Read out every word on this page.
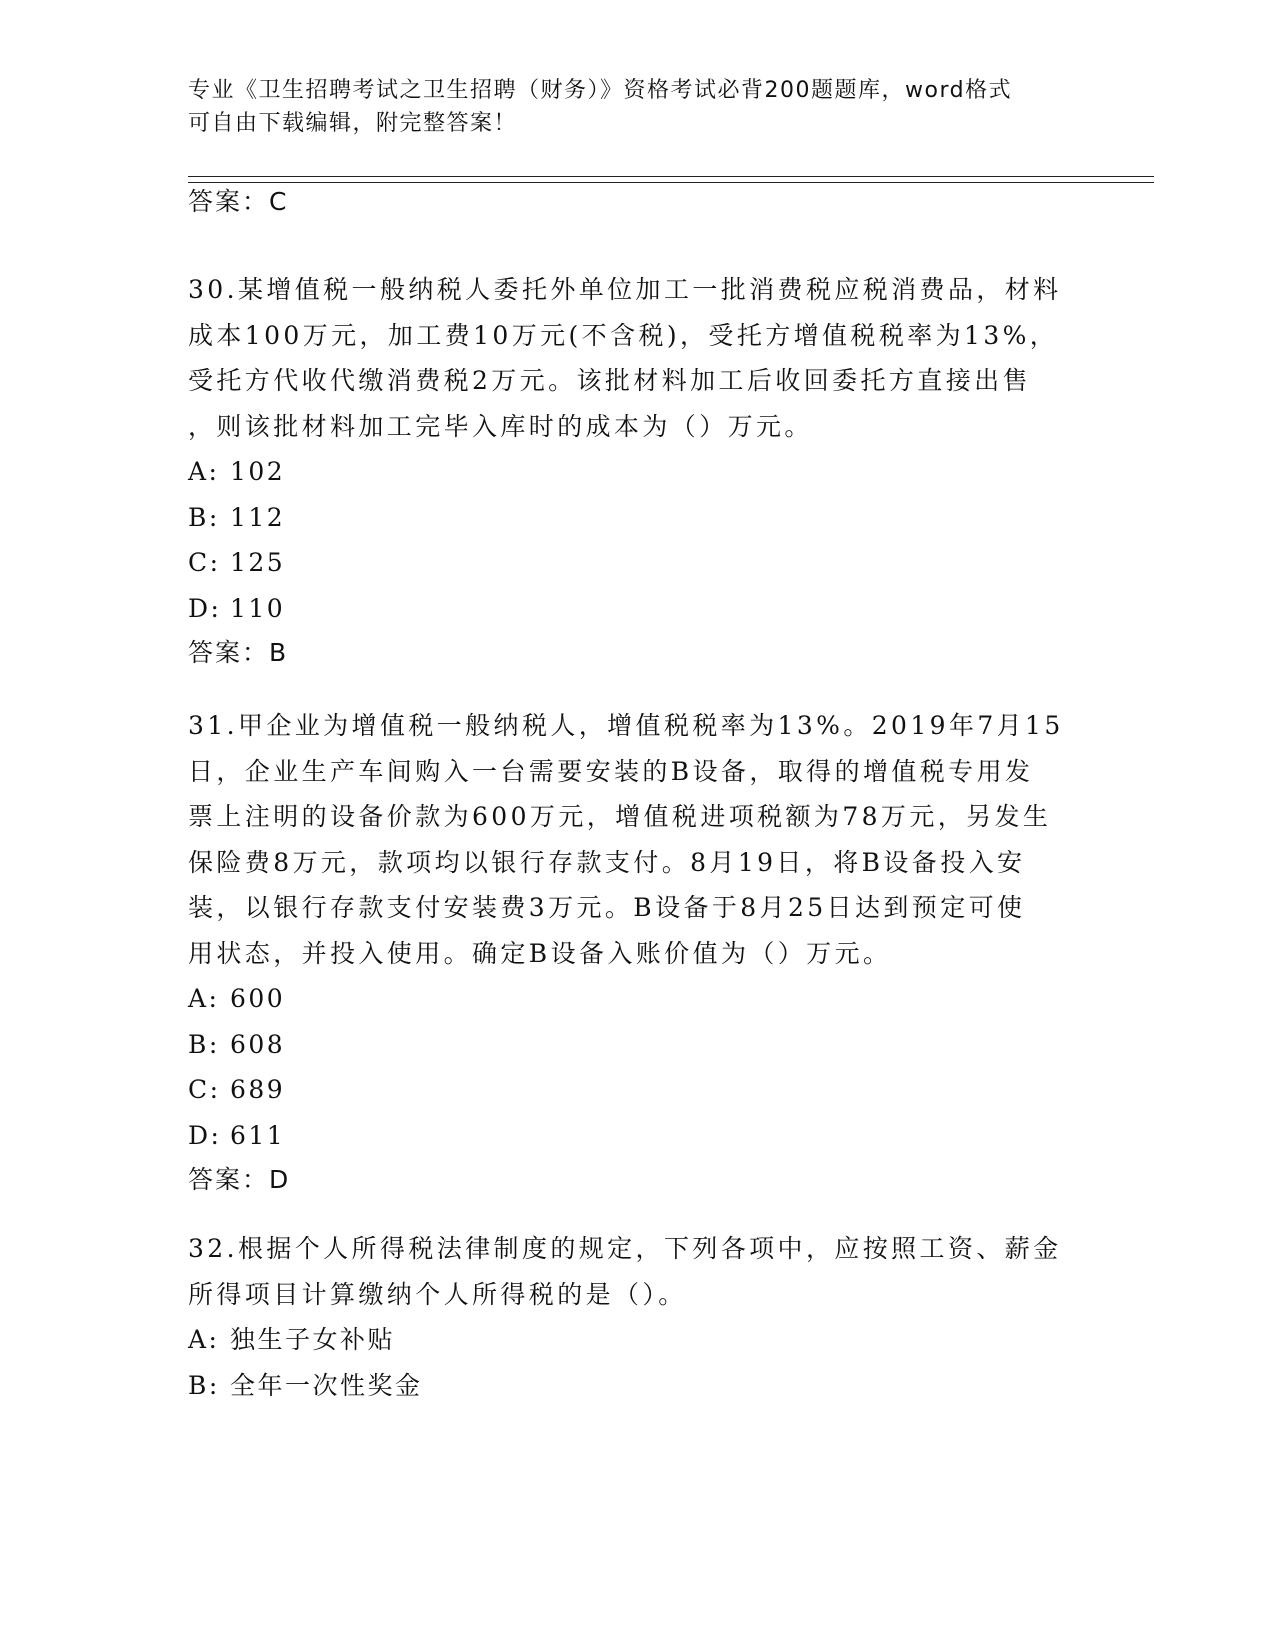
专业《卫生招聘考试之卫生招聘（财务）》资格考试必背200题题库，word格式
可自由下载编辑，附完整答案！
答案：C
30.某增值税一般纳税人委托外单位加工一批消费税应税消费品，材料
成本100万元，加工费10万元(不含税)，受托方增值税税率为13%，
受托方代收代缴消费税2万元。该批材料加工后收回委托方直接出售
，则该批材料加工完毕入库时的成本为（）万元。
A: 102
B: 112
C: 125
D: 110
答案：B
31.甲企业为增值税一般纳税人，增值税税率为13%。2019年7月15
日，企业生产车间购入一台需要安装的B设备，取得的增值税专用发
票上注明的设备价款为600万元，增值税进项税额为78万元，另发生
保险费8万元，款项均以银行存款支付。8月19日，将B设备投入安
装，以银行存款支付安装费3万元。B设备于8月25日达到预定可使
用状态，并投入使用。确定B设备入账价值为（）万元。
A: 600
B: 608
C: 689
D: 611
答案：D
32.根据个人所得税法律制度的规定，下列各项中，应按照工资、薪金
所得项目计算缴纳个人所得税的是（）。
A: 独生子女补贴
B: 全年一次性奖金
